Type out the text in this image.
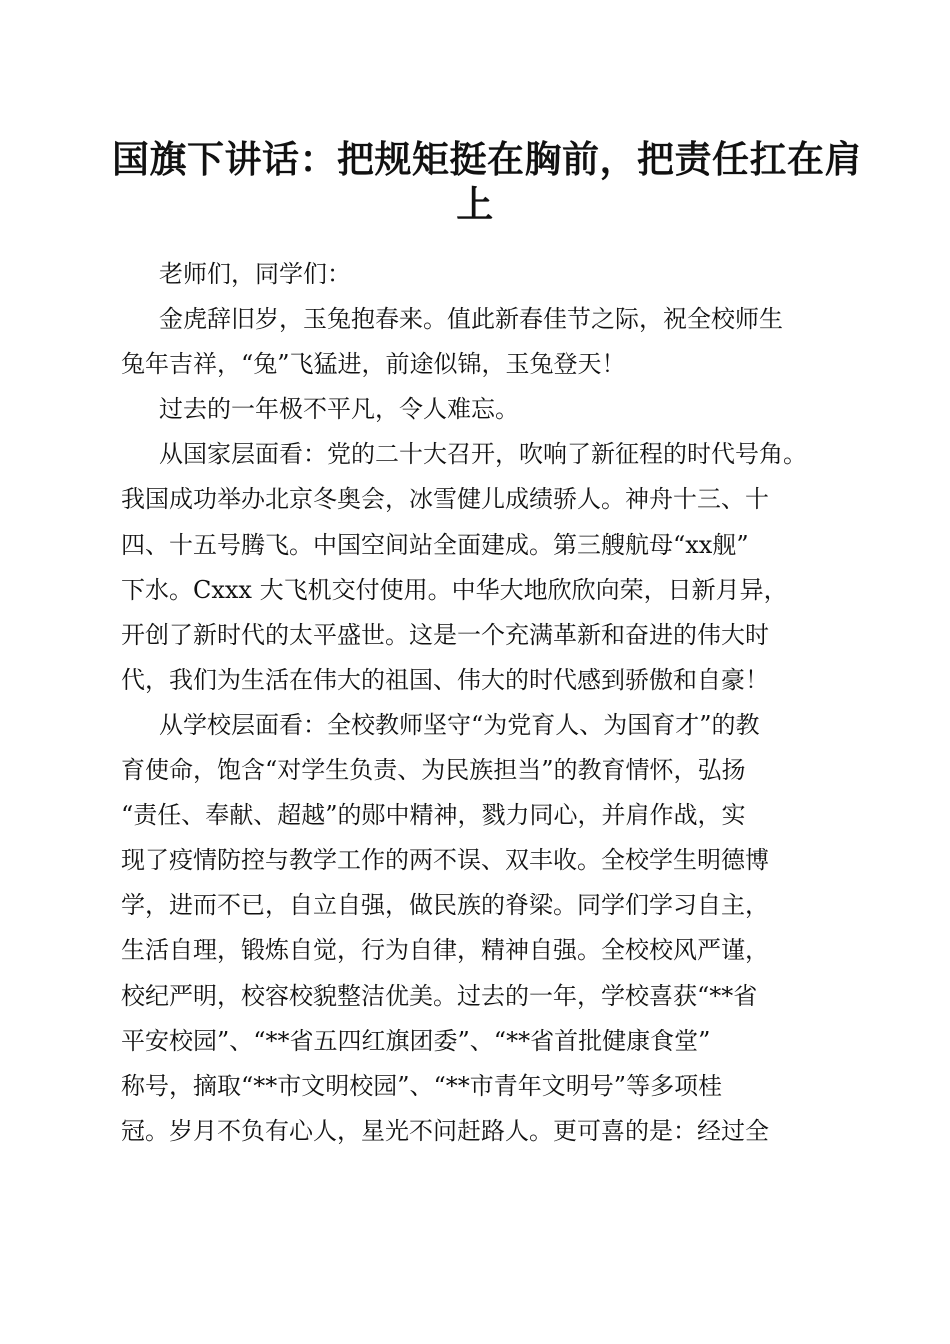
国旗下讲话：把规矩挺在胸前，把责任扛在肩
上
老师们，同学们：
金虎辞旧岁，玉兔抱春来。值此新春佳节之际，祝全校师生
兔年吉祥，“兔”飞猛进，前途似锦，玉兔登天！
过去的一年极不平凡，令人难忘。
从国家层面看：党的二十大召开，吹响了新征程的时代号角。
我国成功举办北京冬奥会，冰雪健儿成绩骄人。神舟十三、十
四、十五号腾飞。中国空间站全面建成。第三艘航母“xx舰”
下水。Cxxx 大飞机交付使用。中华大地欣欣向荣，日新月异，
开创了新时代的太平盛世。这是一个充满革新和奋进的伟大时
代，我们为生活在伟大的祖国、伟大的时代感到骄傲和自豪！
从学校层面看：全校教师坚守“为党育人、为国育才”的教
育使命，饱含“对学生负责、为民族担当”的教育情怀，弘扬
“责任、奉献、超越”的郧中精神，戮力同心，并肩作战，实
现了疫情防控与教学工作的两不误、双丰收。全校学生明德博
学，进而不已，自立自强，做民族的脊梁。同学们学习自主，
生活自理，锻炼自觉，行为自律，精神自强。全校校风严谨，
校纪严明，校容校貌整洁优美。过去的一年，学校喜获“**省
平安校园”、“**省五四红旗团委”、“**省首批健康食堂”
称号，摘取“**市文明校园”、“**市青年文明号”等多项桂
冠。岁月不负有心人，星光不问赶路人。更可喜的是：经过全
